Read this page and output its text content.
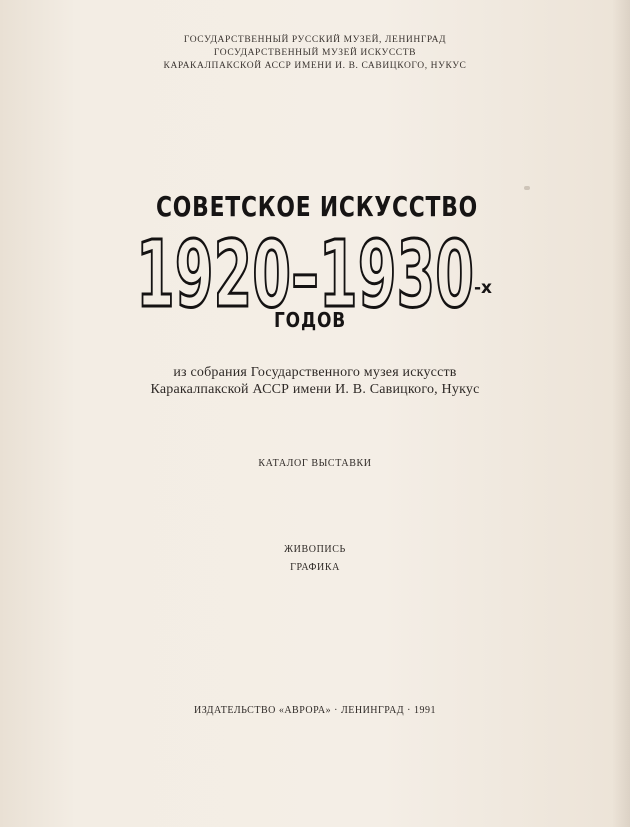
ГОСУДАРСТВЕННЫЙ РУССКИЙ МУЗЕЙ, ЛЕНИНГРАД
ГОСУДАРСТВЕННЫЙ МУЗЕЙ ИСКУССТВ
КАРАКАЛПАКСКОЙ АССР ИМЕНИ И. В. САВИЦКОГО, НУКУС
СОВЕТСКОЕ ИСКУССТВО
1920–1930 -х
ГОДОВ
из собрания Государственного музея искусств
Каракалпакской АССР имени И. В. Савицкого, Нукус
КАТАЛОГ ВЫСТАВКИ
ЖИВОПИСЬ
ГРАФИКА
ИЗДАТЕЛЬСТВО «АВРОРА» · ЛЕНИНГРАД · 1991
